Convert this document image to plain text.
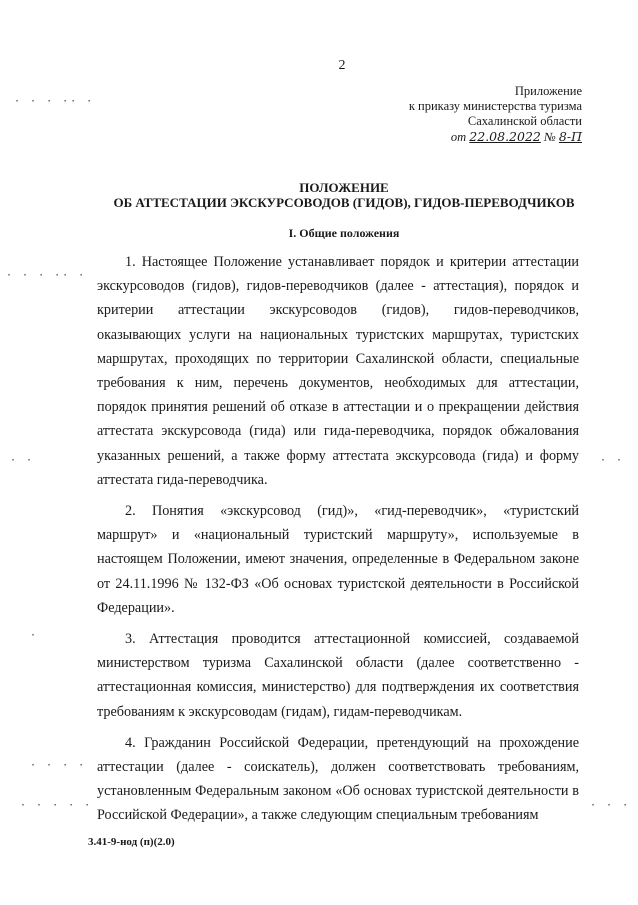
2
Приложение
к приказу министерства туризма
Сахалинской области
от 22.08.2022 № 8-П
ПОЛОЖЕНИЕ
ОБ АТТЕСТАЦИИ ЭКСКУРСОВОДОВ (ГИДОВ), ГИДОВ-ПЕРЕВОДЧИКОВ
I. Общие положения

1. Настоящее Положение устанавливает порядок и критерии аттестации экскурсоводов (гидов), гидов-переводчиков (далее - аттестация), порядок и критерии аттестации экскурсоводов (гидов), гидов-переводчиков, оказывающих услуги на национальных туристских маршрутах, туристских маршрутах, проходящих по территории Сахалинской области, специальные требования к ним, перечень документов, необходимых для аттестации, порядок принятия решений об отказе в аттестации и о прекращении действия аттестата экскурсовода (гида) или гида-переводчика, порядок обжалования указанных решений, а также форму аттестата экскурсовода (гида) и форму аттестата гида-переводчика.

2. Понятия «экскурсовод (гид)», «гид-переводчик», «туристский маршрут» и «национальный туристский маршруту», используемые в настоящем Положении, имеют значения, определенные в Федеральном законе от 24.11.1996 № 132-ФЗ «Об основах туристской деятельности в Российской Федерации».

3. Аттестация проводится аттестационной комиссией, создаваемой министерством туризма Сахалинской области (далее соответственно - аттестационная комиссия, министерство) для подтверждения их соответствия требованиям к экскурсоводам (гидам), гидам-переводчикам.

4. Гражданин Российской Федерации, претендующий на прохождение аттестации (далее - соискатель), должен соответствовать требованиям, установленным Федеральным законом «Об основах туристской деятельности в Российской Федерации», а также следующим специальным требованиям

3.41-9-нод (п)(2.0)
· · · ·· ·
· · · ·· ·
· ·	· ·
·
· · · ·
· · · · ·	· · ·
